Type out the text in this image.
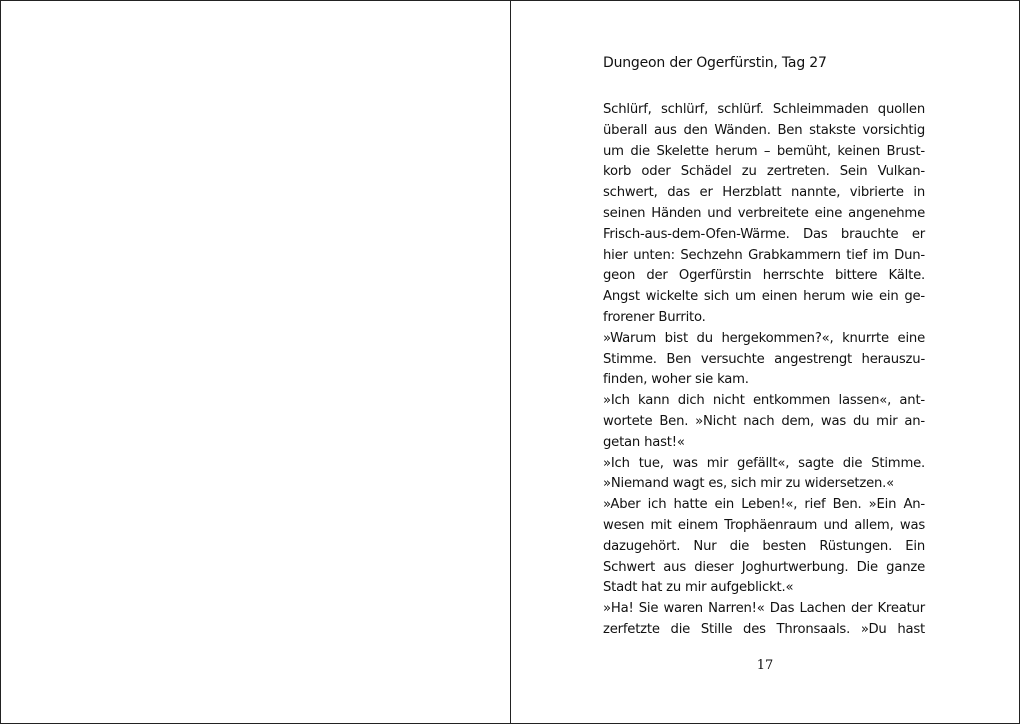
Dungeon der Ogerfürstin, Tag 27
Schlürf, schlürf, schlürf. Schleimmaden quollen
überall aus den Wänden. Ben stakste vorsichtig
um die Skelette herum – bemüht, keinen Brust-
korb oder Schädel zu zertreten. Sein Vulkan-
schwert, das er Herzblatt nannte, vibrierte in
seinen Händen und verbreitete eine angenehme
Frisch-aus-dem-Ofen-Wärme. Das brauchte er
hier unten: Sechzehn Grabkammern tief im Dun-
geon der Ogerfürstin herrschte bittere Kälte.
Angst wickelte sich um einen herum wie ein ge-
frorener Burrito.
»Warum bist du hergekommen?«, knurrte eine
Stimme. Ben versuchte angestrengt herauszu-
finden, woher sie kam.
»Ich kann dich nicht entkommen lassen«, ant-
wortete Ben. »Nicht nach dem, was du mir an-
getan hast!«
»Ich tue, was mir gefällt«, sagte die Stimme.
»Niemand wagt es, sich mir zu widersetzen.«
»Aber ich hatte ein Leben!«, rief Ben. »Ein An-
wesen mit einem Trophäenraum und allem, was
dazugehört. Nur die besten Rüstungen. Ein
Schwert aus dieser Joghurtwerbung. Die ganze
Stadt hat zu mir aufgeblickt.«
»Ha! Sie waren Narren!« Das Lachen der Kreatur
zerfetzte die Stille des Thronsaals. »Du hast
17
